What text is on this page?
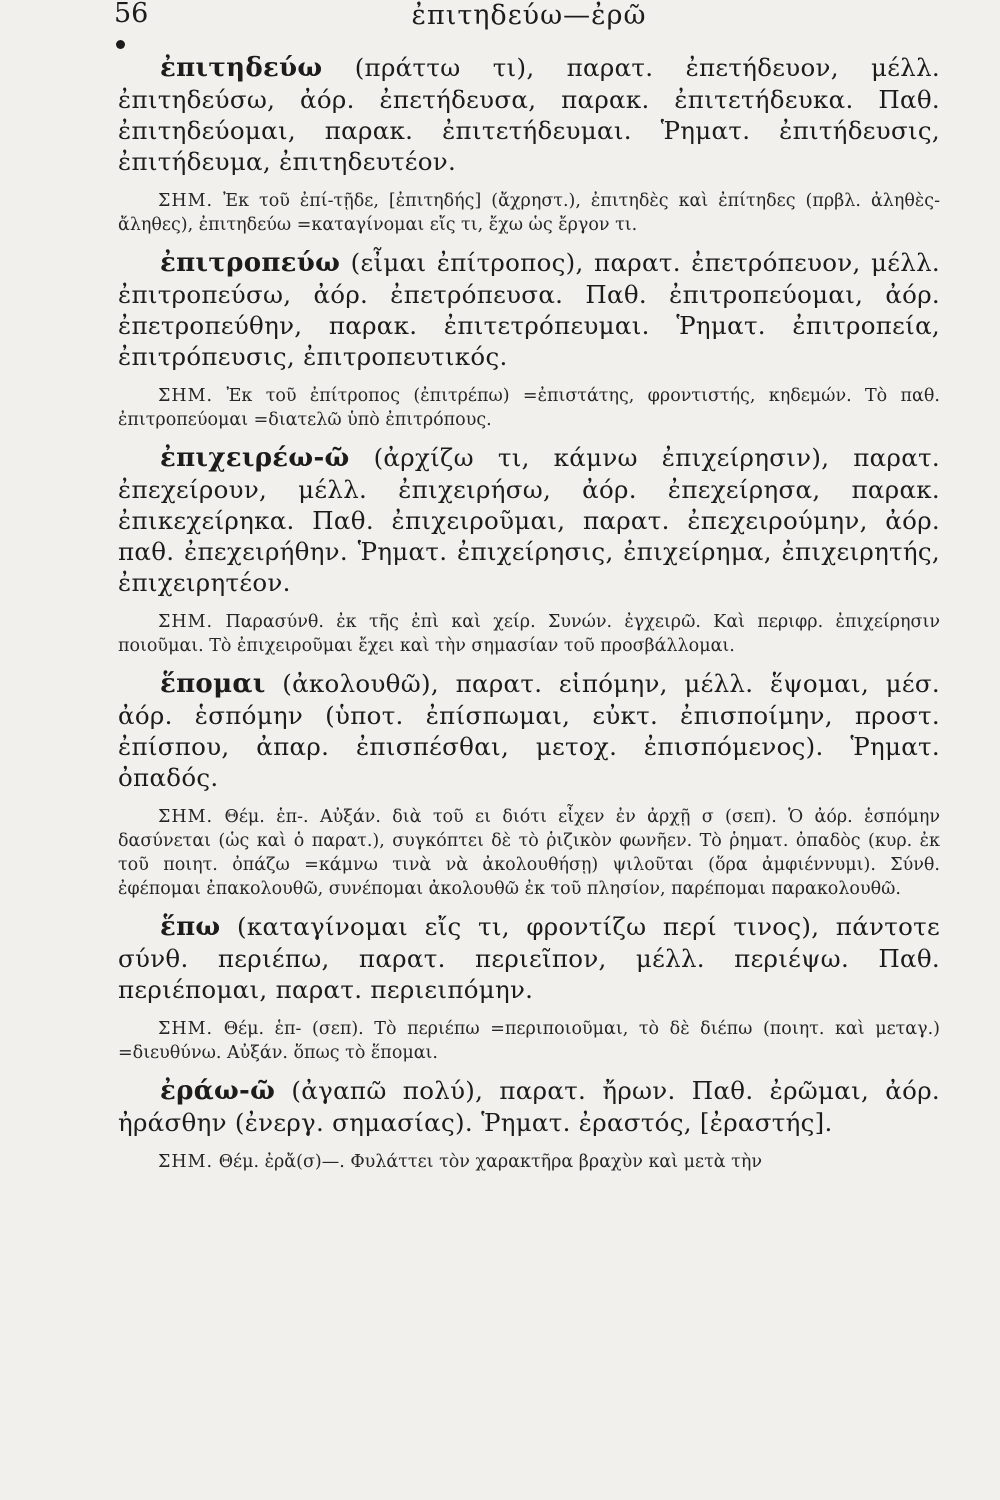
56	ἐπιτηδεύω—ἐρῶ

ἐπιτηδεύω (πράττω τι), παρατ. ἐπετήδευον, μέλλ. ἐπιτηδεύσω, ἀόρ. ἐπετήδευσα, παρακ. ἐπιτετήδευκα. Παθ. ἐπιτηδεύομαι, παρακ. ἐπιτετήδευμαι. Ῥηματ. ἐπιτήδευσις, ἐπιτήδευμα, ἐπιτηδευτέον.

ΣΗΜ. Ἐκ τοῦ ἐπί-τῇδε, [ἐπιτηδής] (ἄχρηστ.), ἐπιτηδὲς καὶ ἐπίτηδες (πρβλ. ἀληθὲς- ἄληθες), ἐπιτηδεύω =καταγίνομαι εἴς τι, ἔχω ὡς ἔργον τι.

ἐπιτροπεύω (εἶμαι ἐπίτροπος), παρατ. ἐπετρόπευον, μέλλ. ἐπιτροπεύσω, ἀόρ. ἐπετρόπευσα. Παθ. ἐπιτροπεύομαι, ἀόρ. ἐπετροπεύθην, παρακ. ἐπιτετρόπευμαι. Ῥηματ. ἐπιτροπεία, ἐπιτρόπευσις, ἐπιτροπευτικός.

ΣΗΜ. Ἐκ τοῦ ἐπίτροπος (ἐπιτρέπω) =ἐπιστάτης, φροντιστής, κηδεμών. Τὸ παθ. ἐπιτροπεύομαι =διατελῶ ὑπὸ ἐπιτρόπους.

ἐπιχειρέω-ῶ (ἀρχίζω τι, κάμνω ἐπιχείρησιν), παρατ. ἐπεχείρουν, μέλλ. ἐπιχειρήσω, ἀόρ. ἐπεχείρησα, παρακ. ἐπικεχείρηκα. Παθ. ἐπιχειροῦμαι, παρατ. ἐπεχειρούμην, ἀόρ. παθ. ἐπεχειρήθην. Ῥηματ. ἐπιχείρησις, ἐπιχείρημα, ἐπιχειρητής, ἐπιχειρητέον.

ΣΗΜ. Παρασύνθ. ἐκ τῆς ἐπὶ καὶ χείρ. Συνών. ἐγχειρῶ. Καὶ περιφρ. ἐπιχείρησιν ποιοῦμαι. Τὸ ἐπιχειροῦμαι ἔχει καὶ τὴν σημασίαν τοῦ προσβάλλομαι.

ἕπομαι (ἀκολουθῶ), παρατ. εἱπόμην, μέλλ. ἕψομαι, μέσ. ἀόρ. ἑσπόμην (ὑποτ. ἐπίσπωμαι, εὐκτ. ἐπισποίμην, προστ. ἐπίσπου, ἀπαρ. ἐπισπέσθαι, μετοχ. ἐπισπόμενος). Ῥηματ. ὀπαδός.

ΣΗΜ. Θέμ. ἑπ-. Αὐξάν. διὰ τοῦ ει διότι εἶχεν ἐν ἀρχῇ σ (σεπ). Ὁ ἀόρ. ἑσπόμην δασύνεται (ὡς καὶ ὁ παρατ.), συγκόπτει δὲ τὸ ῥιζικὸν φωνῆεν. Τὸ ῥηματ. ὀπαδὸς (κυρ. ἐκ τοῦ ποιητ. ὀπάζω =κάμνω τινὰ νὰ ἀκολουθήσῃ) ψιλοῦται (ὅρα ἀμφιέννυμι). Σύνθ. ἐφέπομαι ἐπακολουθῶ, συνέπομαι ἀκολουθῶ ἐκ τοῦ πλησίον, παρέπομαι παρακολουθῶ.

ἕπω (καταγίνομαι εἴς τι, φροντίζω περί τινος), πάντοτε σύνθ. περιέπω, παρατ. περιεῖπον, μέλλ. περιέψω. Παθ. περιέπομαι, παρατ. περιειπόμην.

ΣΗΜ. Θέμ. ἑπ- (σεπ). Τὸ περιέπω =περιποιοῦμαι, τὸ δὲ διέπω (ποιητ. καὶ μεταγ.) =διευθύνω. Αὐξάν. ὅπως τὸ ἕπομαι.

ἐράω-ῶ (ἀγαπῶ πολύ), παρατ. ἤρων. Παθ. ἐρῶμαι, ἀόρ. ἠράσθην (ἐνεργ. σημασίας). Ῥηματ. ἐραστός, [ἐραστής].

ΣΗΜ. Θέμ. ἐρἄ(σ)—. Φυλάττει τὸν χαρακτῆρα βραχὺν καὶ μετὰ τὴν
